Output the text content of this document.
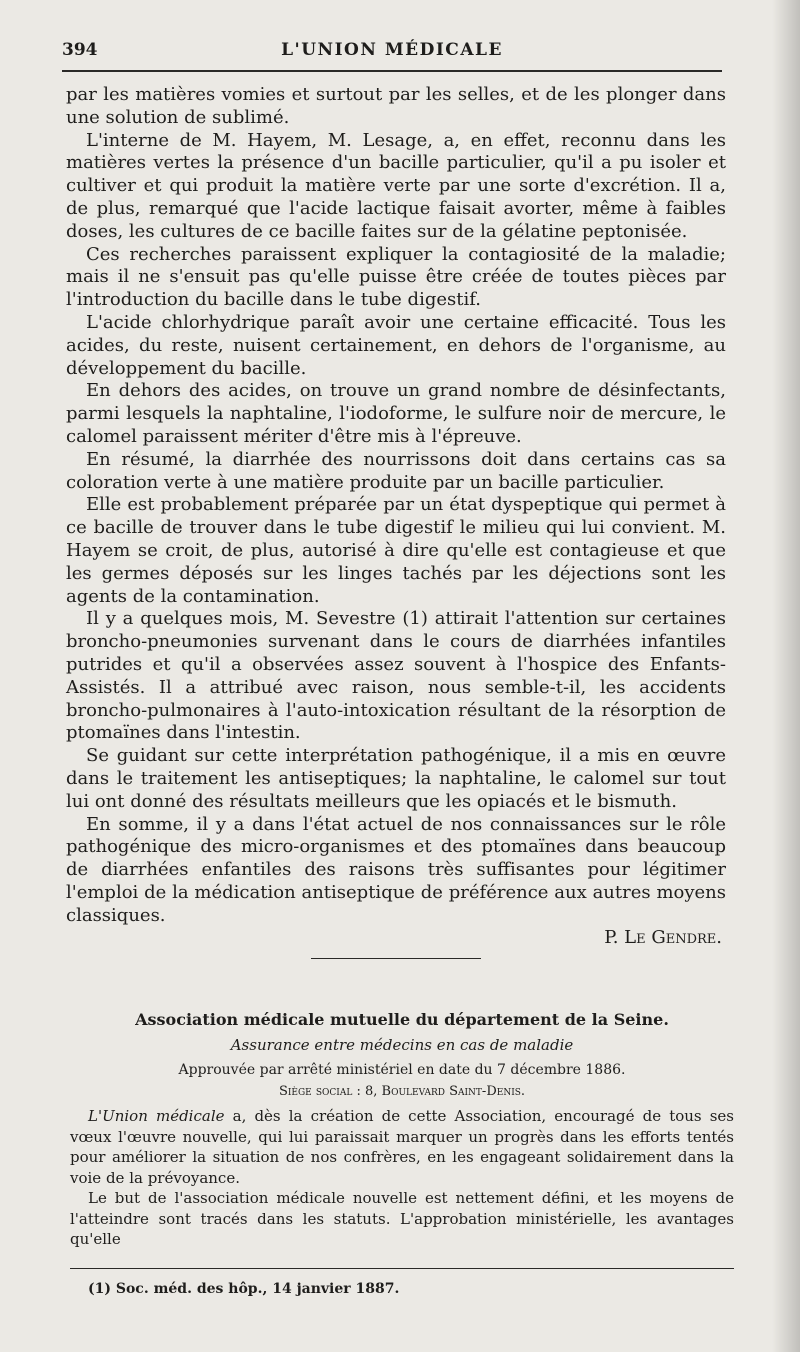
394	L'UNION MÉDICALE

par les matières vomies et surtout par les selles, et de les plonger dans une solution de sublimé.

L'interne de M. Hayem, M. Lesage, a, en effet, reconnu dans les matières vertes la présence d'un bacille particulier, qu'il a pu isoler et cultiver et qui produit la matière verte par une sorte d'excrétion. Il a, de plus, remarqué que l'acide lactique faisait avorter, même à faibles doses, les cultures de ce bacille faites sur de la gélatine peptonisée.

Ces recherches paraissent expliquer la contagiosité de la maladie; mais il ne s'ensuit pas qu'elle puisse être créée de toutes pièces par l'introduction du bacille dans le tube digestif.

L'acide chlorhydrique paraît avoir une certaine efficacité. Tous les acides, du reste, nuisent certainement, en dehors de l'organisme, au développement du bacille.

En dehors des acides, on trouve un grand nombre de désinfectants, parmi lesquels la naphtaline, l'iodoforme, le sulfure noir de mercure, le calomel paraissent mériter d'être mis à l'épreuve.

En résumé, la diarrhée des nourrissons doit dans certains cas sa coloration verte à une matière produite par un bacille particulier.

Elle est probablement préparée par un état dyspeptique qui permet à ce bacille de trouver dans le tube digestif le milieu qui lui convient. M. Hayem se croit, de plus, autorisé à dire qu'elle est contagieuse et que les germes déposés sur les linges tachés par les déjections sont les agents de la contamination.

Il y a quelques mois, M. Sevestre (1) attirait l'attention sur certaines broncho-pneumonies survenant dans le cours de diarrhées infantiles putrides et qu'il a observées assez souvent à l'hospice des Enfants-Assistés. Il a attribué avec raison, nous semble-t-il, les accidents broncho-pulmonaires à l'auto-intoxication résultant de la résorption de ptomaïnes dans l'intestin.

Se guidant sur cette interprétation pathogénique, il a mis en œuvre dans le traitement les antiseptiques; la naphtaline, le calomel sur tout lui ont donné des résultats meilleurs que les opiacés et le bismuth.

En somme, il y a dans l'état actuel de nos connaissances sur le rôle pathogénique des micro-organismes et des ptomaïnes dans beaucoup de diarrhées enfantiles des raisons très suffisantes pour légitimer l'emploi de la médication antiseptique de préférence aux autres moyens classiques.

P. Le Gendre.
Association médicale mutuelle du département de la Seine.
Assurance entre médecins en cas de maladie
Approuvée par arrêté ministériel en date du 7 décembre 1886.
Siège social : 8, Boulevard Saint-Denis.

L'Union médicale a, dès la création de cette Association, encouragé de tous ses vœux l'œuvre nouvelle, qui lui paraissait marquer un progrès dans les efforts tentés pour améliorer la situation de nos confrères, en les engageant solidairement dans la voie de la prévoyance.

Le but de l'association médicale nouvelle est nettement défini, et les moyens de l'atteindre sont tracés dans les statuts. L'approbation ministérielle, les avantages qu'elle

(1) Soc. méd. des hôp., 14 janvier 1887.
